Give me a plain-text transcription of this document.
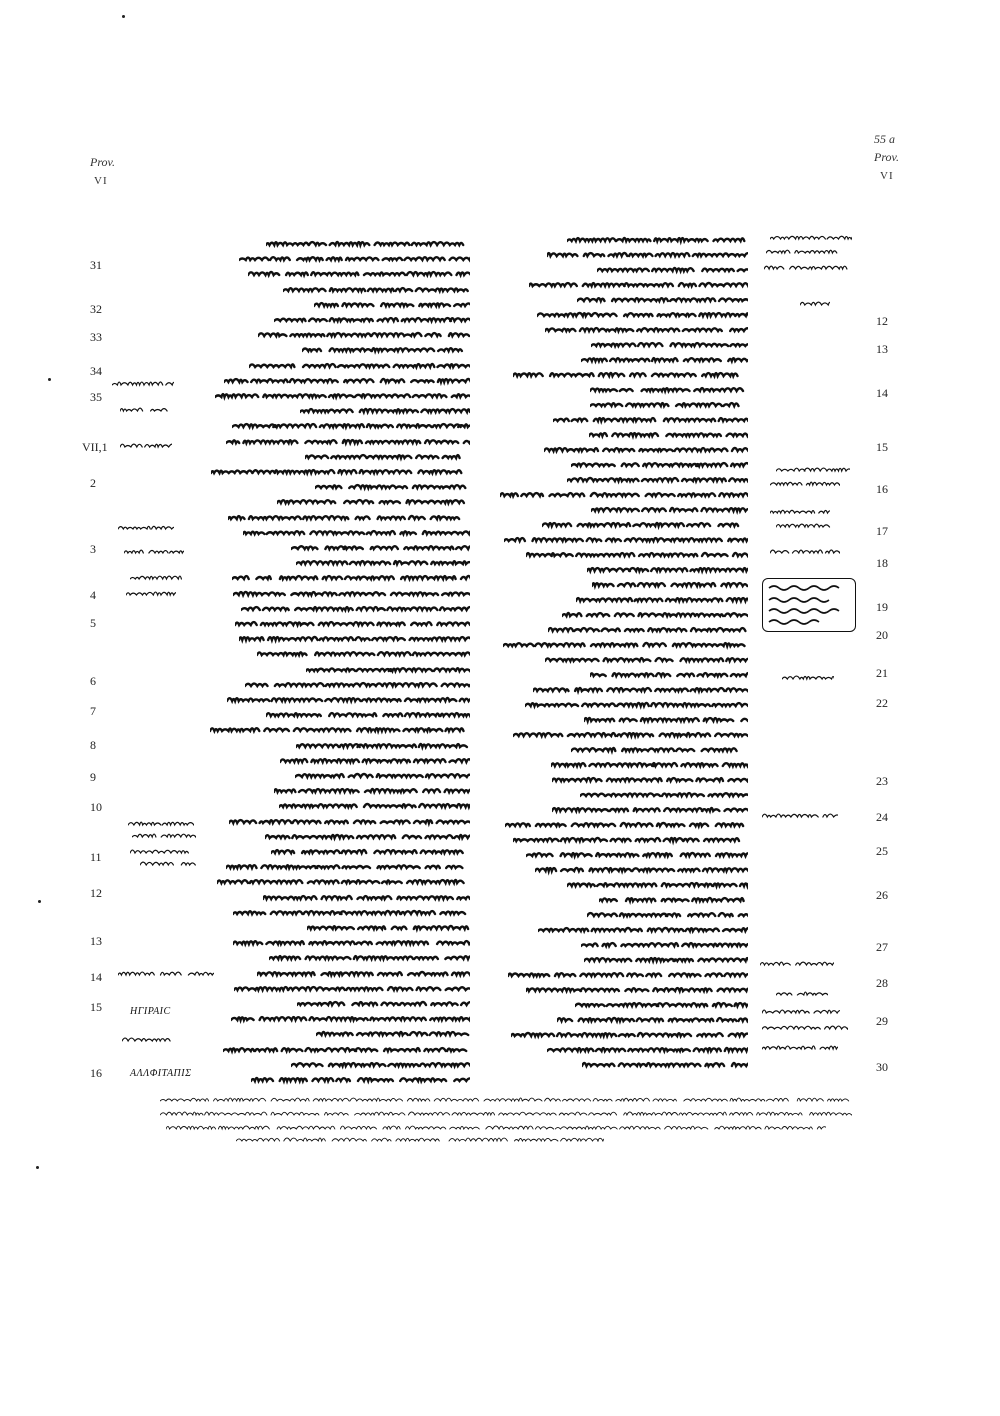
Prov.
VI
55 a
Prov.
VI
31
32
33
34
35
VII,1
2
3
4
5
6
7
8
9
10
11
12
13
14
15
16
12
13
14
15
16
17
18
19
20
21
22
23
24
25
26
27
28
29
30
ΗΓΙΡΑΙC
ΑΛΛΦΙΤΑΠΙΣ
